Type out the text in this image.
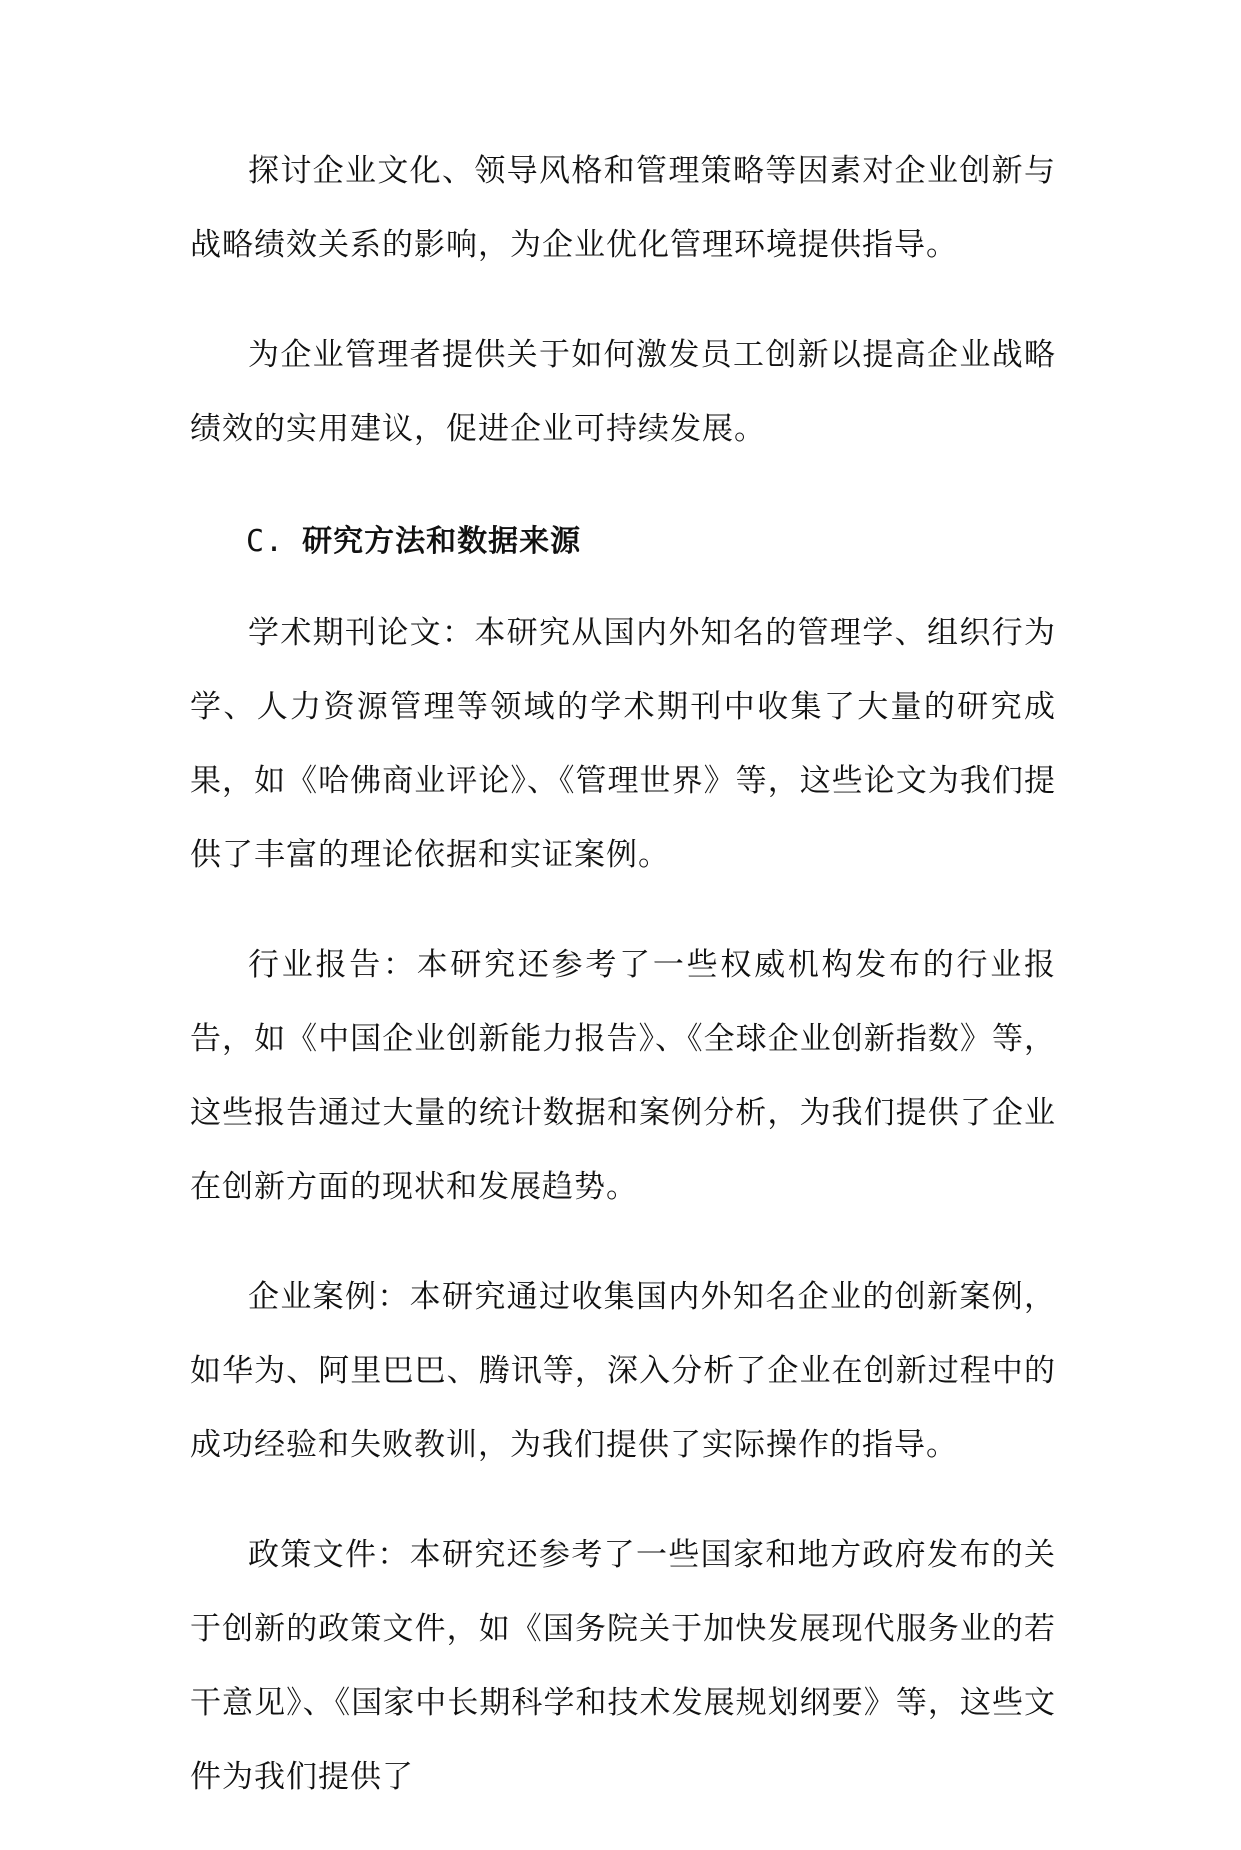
探讨企业文化、领导风格和管理策略等因素对企业创新与战略绩效关系的影响，为企业优化管理环境提供指导。

为企业管理者提供关于如何激发员工创新以提高企业战略绩效的实用建议，促进企业可持续发展。

C. 研究方法和数据来源

学术期刊论文：本研究从国内外知名的管理学、组织行为学、人力资源管理等领域的学术期刊中收集了大量的研究成果，如《哈佛商业评论》、《管理世界》等，这些论文为我们提供了丰富的理论依据和实证案例。

行业报告：本研究还参考了一些权威机构发布的行业报告，如《中国企业创新能力报告》、《全球企业创新指数》等，这些报告通过大量的统计数据和案例分析，为我们提供了企业在创新方面的现状和发展趋势。

企业案例：本研究通过收集国内外知名企业的创新案例，如华为、阿里巴巴、腾讯等，深入分析了企业在创新过程中的成功经验和失败教训，为我们提供了实际操作的指导。

政策文件：本研究还参考了一些国家和地方政府发布的关于创新的政策文件，如《国务院关于加快发展现代服务业的若干意见》、《国家中长期科学和技术发展规划纲要》等，这些文件为我们提供了
